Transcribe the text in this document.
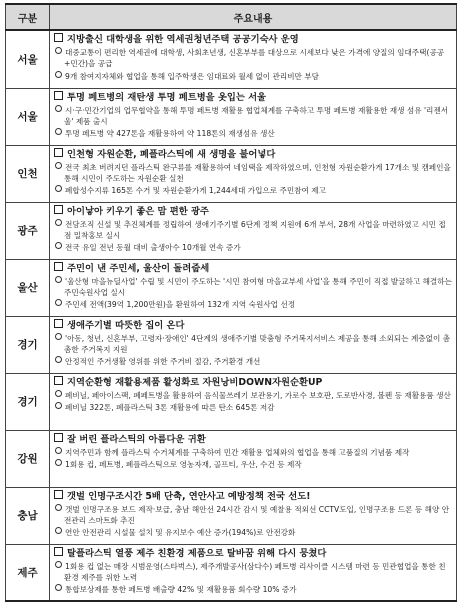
구분	주요내용
서울	지방출신 대학생을 위한 역세권청년주택 공공기숙사 운영
대중교통이 편리한 역세권에 대학생, 사회초년생, 신혼부부를 대상으로 시세보다 낮은 가격에 양질의 임대주택(공공+민간)을 공급
9개 참여지자체와 협업을 통해 입주학생은 임대료와 월세 없이 관리비만 부담

서울	투명 페트병의 재탄생 투명 페트병을 옷입는 서울
시·구·민간기업의 업무협약을 통해 투명 페트병 재활용 협업체계를 구축하고 투명 페트병 재활용한 재생 섬유 '리젠서울' 제품 출시
투명 페트병 약 427톤을 재활용하여 약 118톤의 재생섬유 생산

인천	인천형 자원순환, 폐플라스틱에 새 생명을 불어넣다
전국 최초 버려지던 플라스틱 완구류를 재활용하여 네임택을 제작하였으며, 인천형 자원순환가게 17개소 및 캠페인을 통해 시민이 주도하는 자원순환 실천
폐합성수지류 165톤 수거 및 자원순환가게 1,244세대 가입으로 주민참여 제고

광주	아이낳아 키우기 좋은 맘 편한 광주
전담조직 신설 및 추진체계를 정립하여 생애기주기별 6단계 정책 지원에 6개 부서, 28개 사업을 마련하였고 시민 접점 밀착홍보 실시
전국 유일 전년 동월 대비 출생아수 10개월 연속 증가

울산	주민이 낸 주민세, 울산이 돌려줍세
'울산형 마을뉴딜사업' 수립 및 시민이 주도하는 '시민 참여형 마을교부세 사업'을 통해 주민이 직접 발굴하고 해결하는 주민숙원사업 실시
주민세 전액(39억 1,200만원)을 환원하여 132개 지역 숙원사업 선정

경기	생애주기별 따뜻한 집이 온다
'아동, 청년, 신혼부부, 고령자·장애인' 4단계의 생애주기별 맞춤형 주거복지서비스 제공을 통해 소외되는 계층없이 촘촘한 주거복지 지원
안정적인 주거생활 영위를 위한 주거비 절감, 주거환경 개선

경기	지역순환형 재활용제품 활성화로 자원낭비DOWN자원순환UP
폐비닐, 페아이스팩, 폐페트병을 활용하여 음식물쓰레기 보관용기, 가로수 보호판, 도로반사경, 볼펜 등 재활용품 생산
폐비닐 322톤, 폐플라스틱 3톤 재활용에 따른 탄소 645톤 저감

강원	잘 버린 플라스틱의 아름다운 귀환
지역주민과 함께 플라스틱 수거체계를 구축하여 민간 재활용 업체와의 협업을 통해 고품질의 기념품 제작
1회용 컵, 페트병, 폐플라스틱으로 영농자재, 골프티, 우산, 수건 등 제작

충남	갯벌 인명구조시간 5배 단축, 연안사고 예방정책 전국 선도!
갯벌 인명구조용 보드 제작·보급, 충남 해안선 24시간 감시 및 예찰용 적외선 CCTV도입, 인명구조용 드론 등 해양 안전관리 스마트화 추진
연안 안전관리 시설물 설치 및 유지보수 예산 증가(194%)로 안전강화

제주	탈플라스틱 열풍 제주 친환경 제품으로 탈바꿈 위해 다시 뭉쳤다
1회용 컵 없는 매장 시범운영(스타벅스), 제주개발공사(삼다수) 페트병 리사이클 시스템 마련 등 민관협업을 통한 친환경 제주를 위한 노력
통합보상제를 통한 페트병 배출량 42% 및 재활용품 회수량 10% 증가
